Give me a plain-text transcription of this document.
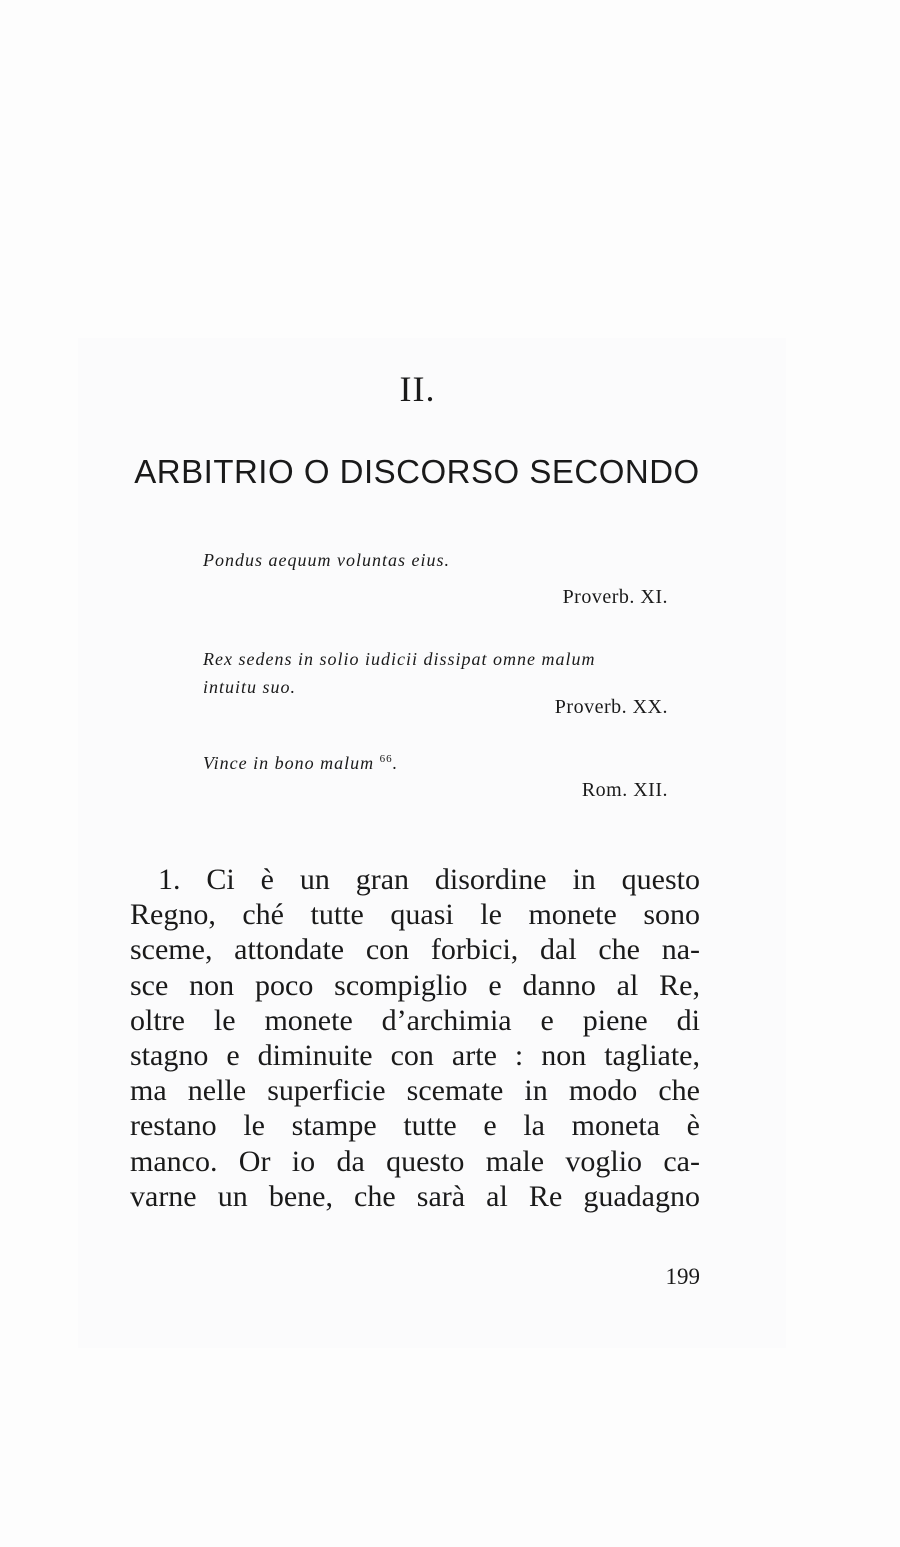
II.
ARBITRIO O DISCORSO SECONDO
Pondus aequum voluntas eius.
Proverb. XI.
Rex sedens in solio iudicii dissipat omne malum
intuitu suo.
Proverb. XX.
Vince in bono malum $^{66}$.
Rom. XII.
1. Ci è un gran disordine in questo
Regno, ché tutte quasi le monete sono
sceme, attondate con forbici, dal che na-
sce non poco scompiglio e danno al Re,
oltre le monete d’archimia e piene di
stagno e diminuite con arte : non tagliate,
ma nelle superficie scemate in modo che
restano le stampe tutte e la moneta è
manco. Or io da questo male voglio ca-
varne un bene, che sarà al Re guadagno
199
